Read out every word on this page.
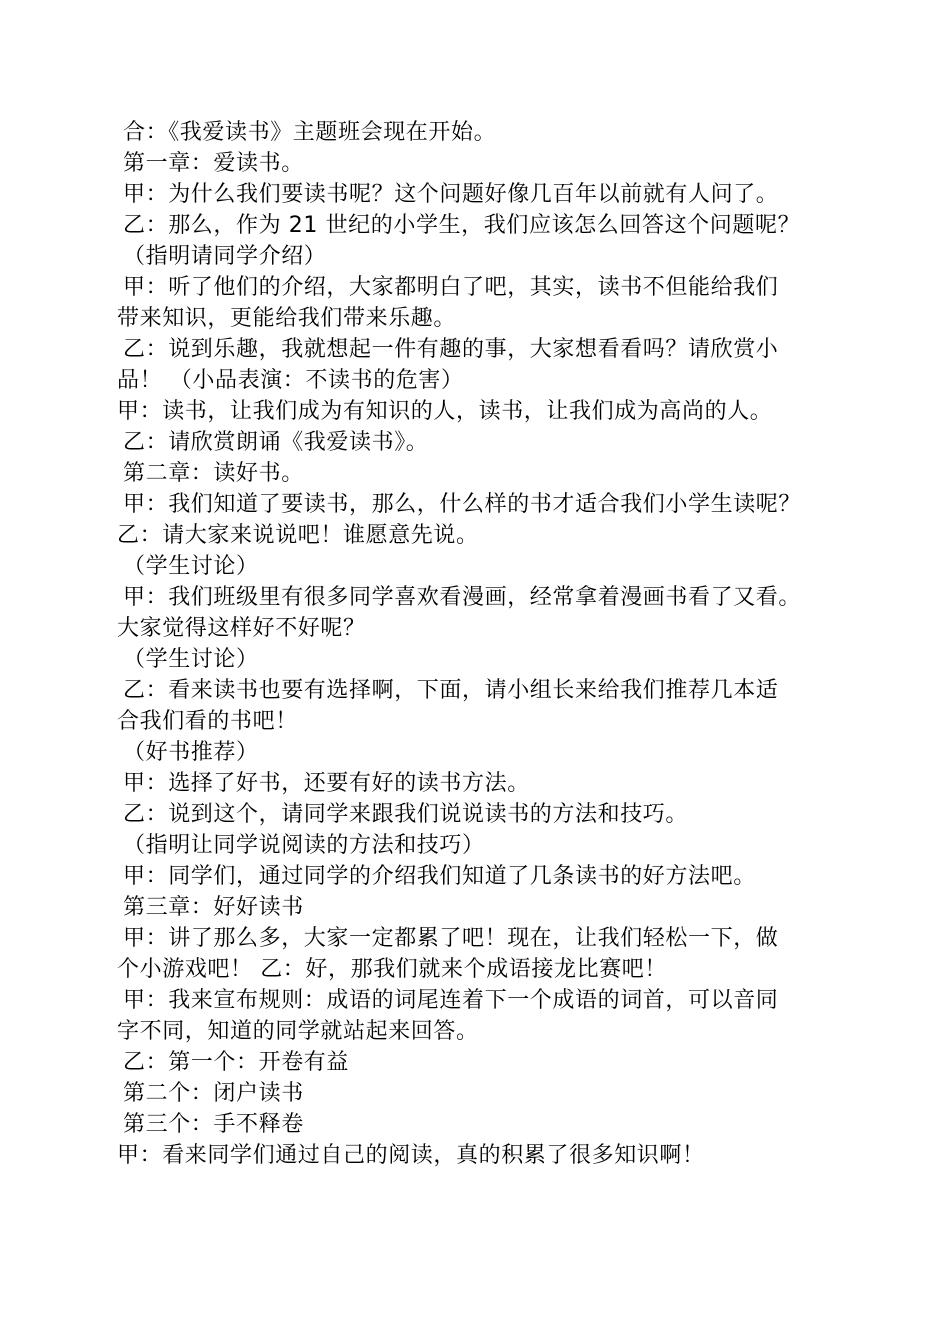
合：《我爱读书》主题班会现在开始。
第一章：爱读书。
甲：为什么我们要读书呢？这个问题好像几百年以前就有人问了。
乙：那么，作为 21 世纪的小学生，我们应该怎么回答这个问题呢？
（指明请同学介绍）
甲：听了他们的介绍，大家都明白了吧，其实，读书不但能给我们
带来知识，更能给我们带来乐趣。
乙：说到乐趣，我就想起一件有趣的事，大家想看看吗？请欣赏小
品！ （小品表演：不读书的危害）
甲：读书，让我们成为有知识的人，读书，让我们成为高尚的人。
乙：请欣赏朗诵《我爱读书》。
第二章：读好书。
甲：我们知道了要读书，那么，什么样的书才适合我们小学生读呢？
乙：请大家来说说吧！谁愿意先说。
（学生讨论）
甲：我们班级里有很多同学喜欢看漫画，经常拿着漫画书看了又看。
大家觉得这样好不好呢？
（学生讨论）
乙：看来读书也要有选择啊，下面，请小组长来给我们推荐几本适
合我们看的书吧！
（好书推荐）
甲：选择了好书，还要有好的读书方法。
乙：说到这个，请同学来跟我们说说读书的方法和技巧。
（指明让同学说阅读的方法和技巧）
甲：同学们，通过同学的介绍我们知道了几条读书的好方法吧。
第三章：好好读书
甲：讲了那么多，大家一定都累了吧！现在，让我们轻松一下，做
个小游戏吧！ 乙：好，那我们就来个成语接龙比赛吧！
甲：我来宣布规则：成语的词尾连着下一个成语的词首，可以音同
字不同，知道的同学就站起来回答。
乙：第一个：开卷有益
第二个：闭户读书
第三个：手不释卷
甲：看来同学们通过自己的阅读，真的积累了很多知识啊！
